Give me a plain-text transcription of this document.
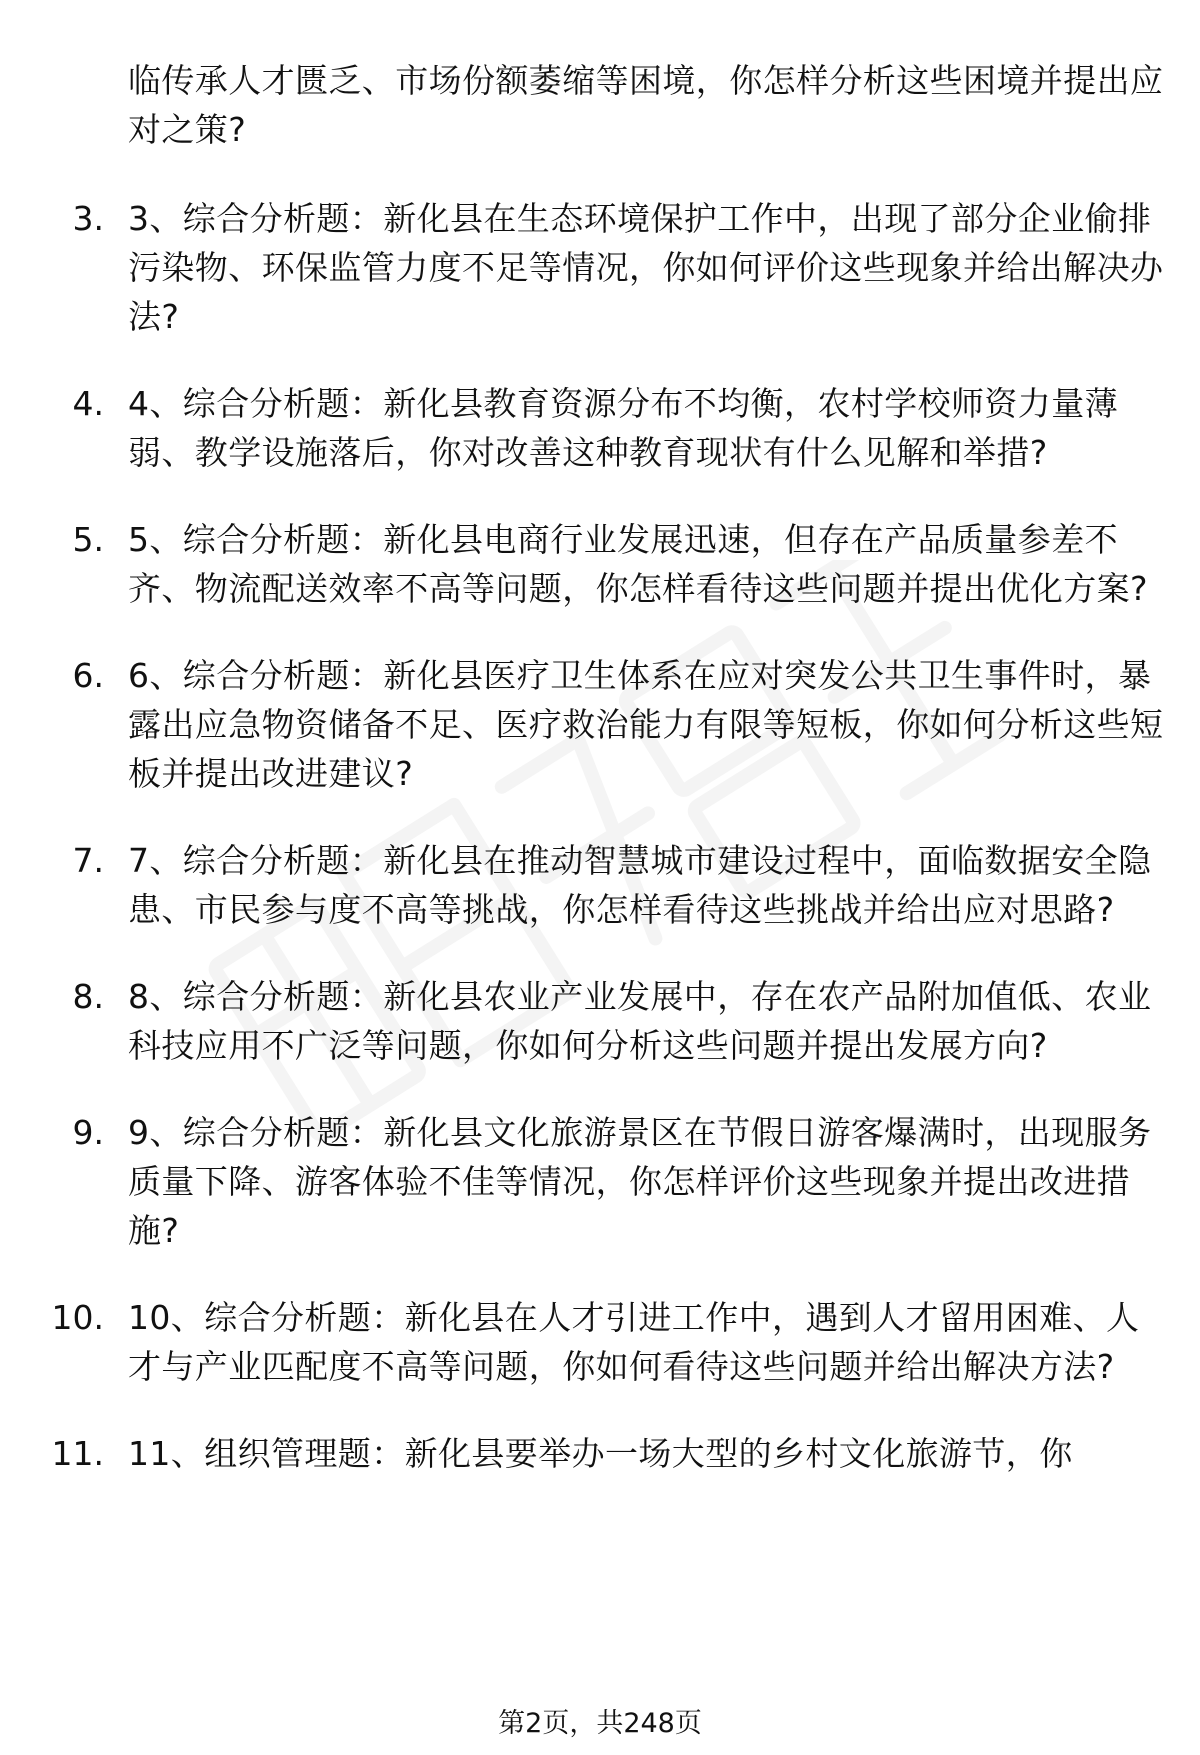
临传承人才匮乏、市场份额萎缩等困境，你怎样分析这些困境并提出应对之策?
3. 3、综合分析题：新化县在生态环境保护工作中，出现了部分企业偷排污染物、环保监管力度不足等情况，你如何评价这些现象并给出解决办法?
4. 4、综合分析题：新化县教育资源分布不均衡，农村学校师资力量薄弱、教学设施落后，你对改善这种教育现状有什么见解和举措?
5. 5、综合分析题：新化县电商行业发展迅速，但存在产品质量参差不齐、物流配送效率不高等问题，你怎样看待这些问题并提出优化方案?
6. 6、综合分析题：新化县医疗卫生体系在应对突发公共卫生事件时，暴露出应急物资储备不足、医疗救治能力有限等短板，你如何分析这些短板并提出改进建议?
7. 7、综合分析题：新化县在推动智慧城市建设过程中，面临数据安全隐患、市民参与度不高等挑战，你怎样看待这些挑战并给出应对思路?
8. 8、综合分析题：新化县农业产业发展中，存在农产品附加值低、农业科技应用不广泛等问题，你如何分析这些问题并提出发展方向?
9. 9、综合分析题：新化县文化旅游景区在节假日游客爆满时，出现服务质量下降、游客体验不佳等情况，你怎样评价这些现象并提出改进措施?
10. 10、综合分析题：新化县在人才引进工作中，遇到人才留用困难、人才与产业匹配度不高等问题，你如何看待这些问题并给出解决方法?
11. 11、组织管理题：新化县要举办一场大型的乡村文化旅游节，你
第2页，共248页
